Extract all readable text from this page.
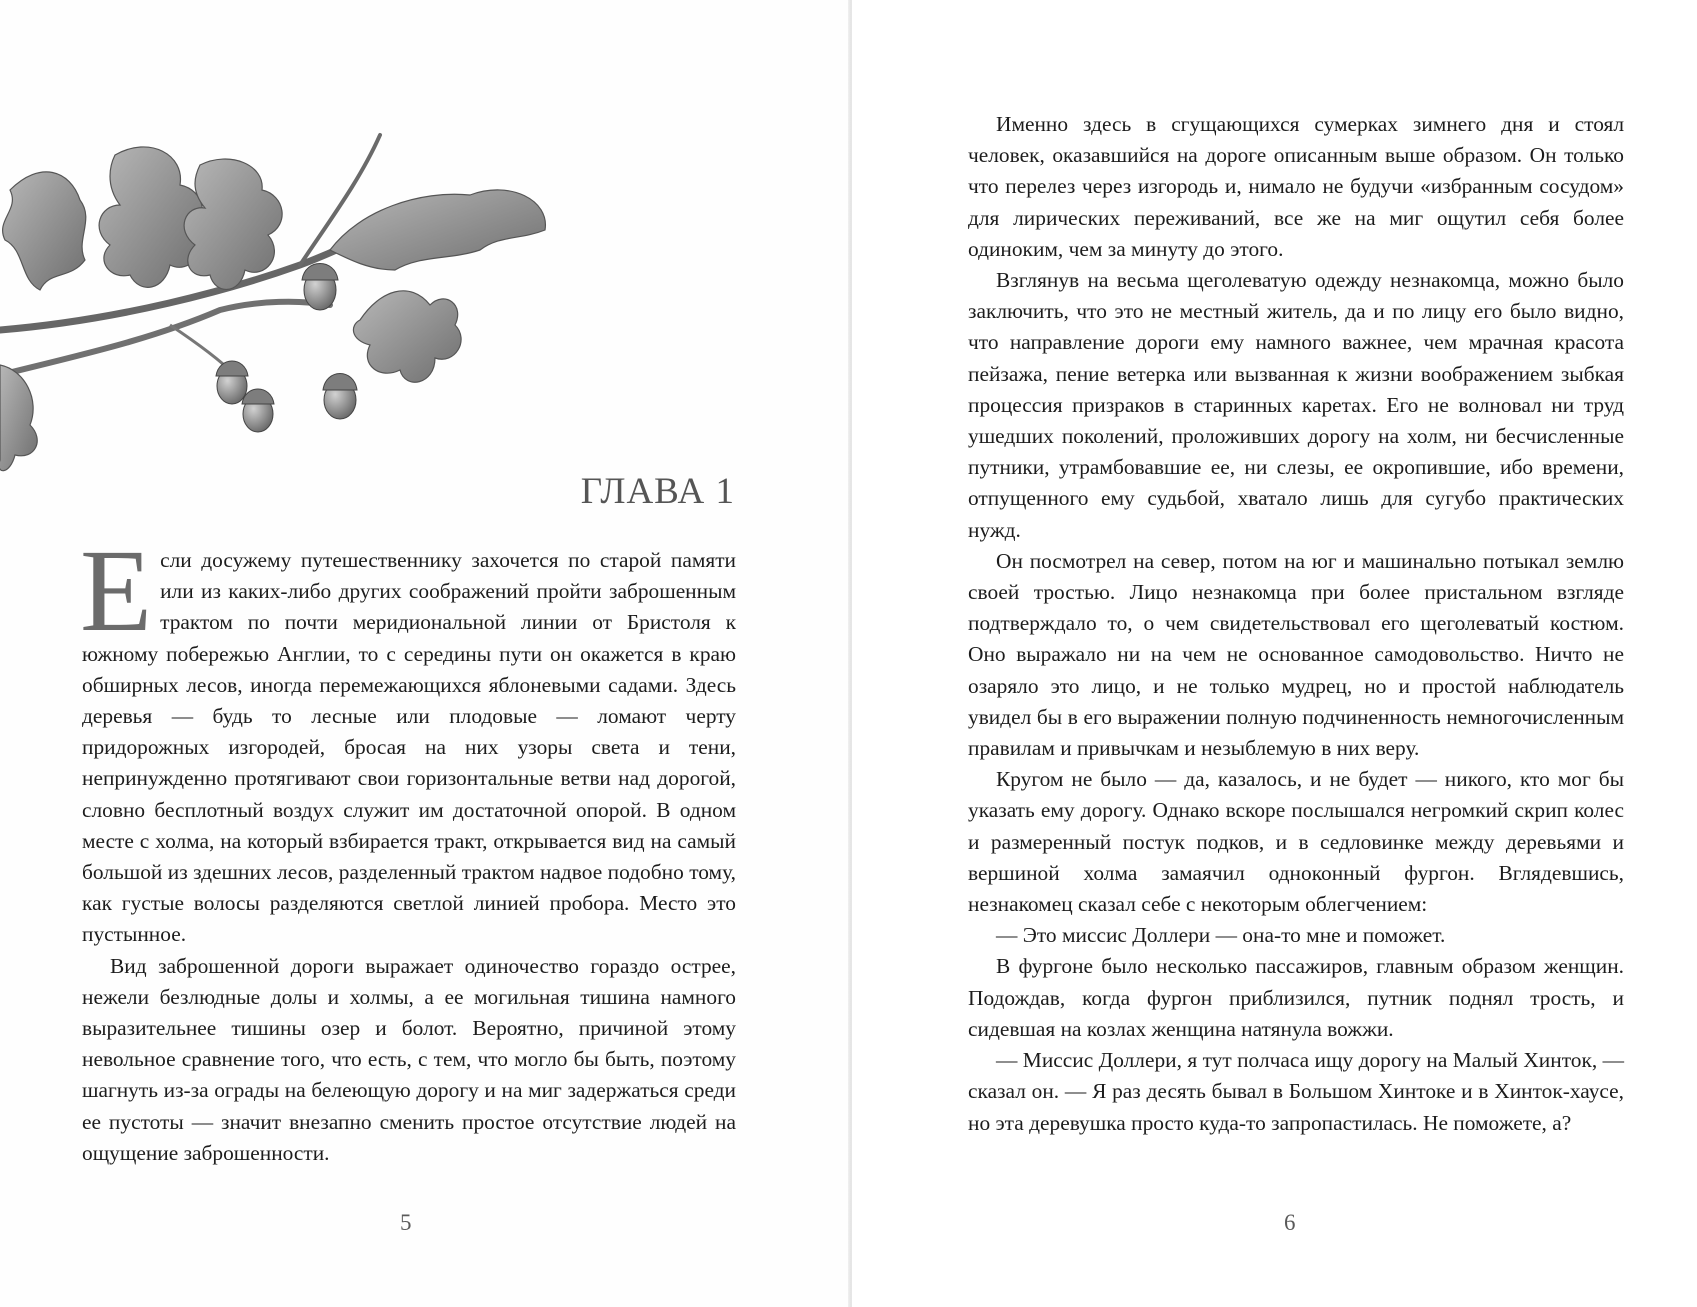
ГЛАВА 1

Если досужему путешественнику захочется по старой памяти или из каких-либо других соображений пройти заброшенным трактом по почти меридиональной линии от Бристоля к южному побережью Англии, то с середины пути он окажется в краю обширных лесов, иногда перемежающихся яблоневыми садами. Здесь деревья — будь то лесные или плодовые — ломают черту придорожных изгородей, бросая на них узоры света и тени, непринужденно протягивают свои горизонтальные ветви над дорогой, словно бесплотный воздух служит им достаточной опорой. В одном месте с холма, на который взбирается тракт, открывается вид на самый большой из здешних лесов, разделенный трактом надвое подобно тому, как густые волосы разделяются светлой линией пробора. Место это пустынное.

Вид заброшенной дороги выражает одиночество гораздо острее, нежели безлюдные долы и холмы, а ее могильная тишина намного выразительнее тишины озер и болот. Вероятно, причиной этому невольное сравнение того, что есть, с тем, что могло бы быть, поэтому шагнуть из-за ограды на белеющую дорогу и на миг задержаться среди ее пустоты — значит внезапно сменить простое отсутствие людей на ощущение заброшенности.

5

Именно здесь в сгущающихся сумерках зимнего дня и стоял человек, оказавшийся на дороге описанным выше образом. Он только что перелез через изгородь и, нимало не будучи «избранным сосудом» для лирических переживаний, все же на миг ощутил себя более одиноким, чем за минуту до этого.

Взглянув на весьма щеголеватую одежду незнакомца, можно было заключить, что это не местный житель, да и по лицу его было видно, что направление дороги ему намного важнее, чем мрачная красота пейзажа, пение ветерка или вызванная к жизни воображением зыбкая процессия призраков в старинных каретах. Его не волновал ни труд ушедших поколений, проложивших дорогу на холм, ни бесчисленные путники, утрамбовавшие ее, ни слезы, ее окропившие, ибо времени, отпущенного ему судьбой, хватало лишь для сугубо практических нужд.

Он посмотрел на север, потом на юг и машинально потыкал землю своей тростью. Лицо незнакомца при более пристальном взгляде подтверждало то, о чем свидетельствовал его щеголеватый костюм. Оно выражало ни на чем не основанное самодовольство. Ничто не озаряло это лицо, и не только мудрец, но и простой наблюдатель увидел бы в его выражении полную подчиненность немногочисленным правилам и привычкам и незыблемую в них веру.

Кругом не было — да, казалось, и не будет — никого, кто мог бы указать ему дорогу. Однако вскоре послышался негромкий скрип колес и размеренный постук подков, и в седловинке между деревьями и вершиной холма замаячил одноконный фургон. Вглядевшись, незнакомец сказал себе с некоторым облегчением:

— Это миссис Доллери — она-то мне и поможет.

В фургоне было несколько пассажиров, главным образом женщин. Подождав, когда фургон приблизился, путник поднял трость, и сидевшая на козлах женщина натянула вожжи.

— Миссис Доллери, я тут полчаса ищу дорогу на Малый Хинток, — сказал он. — Я раз десять бывал в Большом Хинтоке и в Хинток-хаусе, но эта деревушка просто куда-то запропастилась. Не поможете, а?

6
